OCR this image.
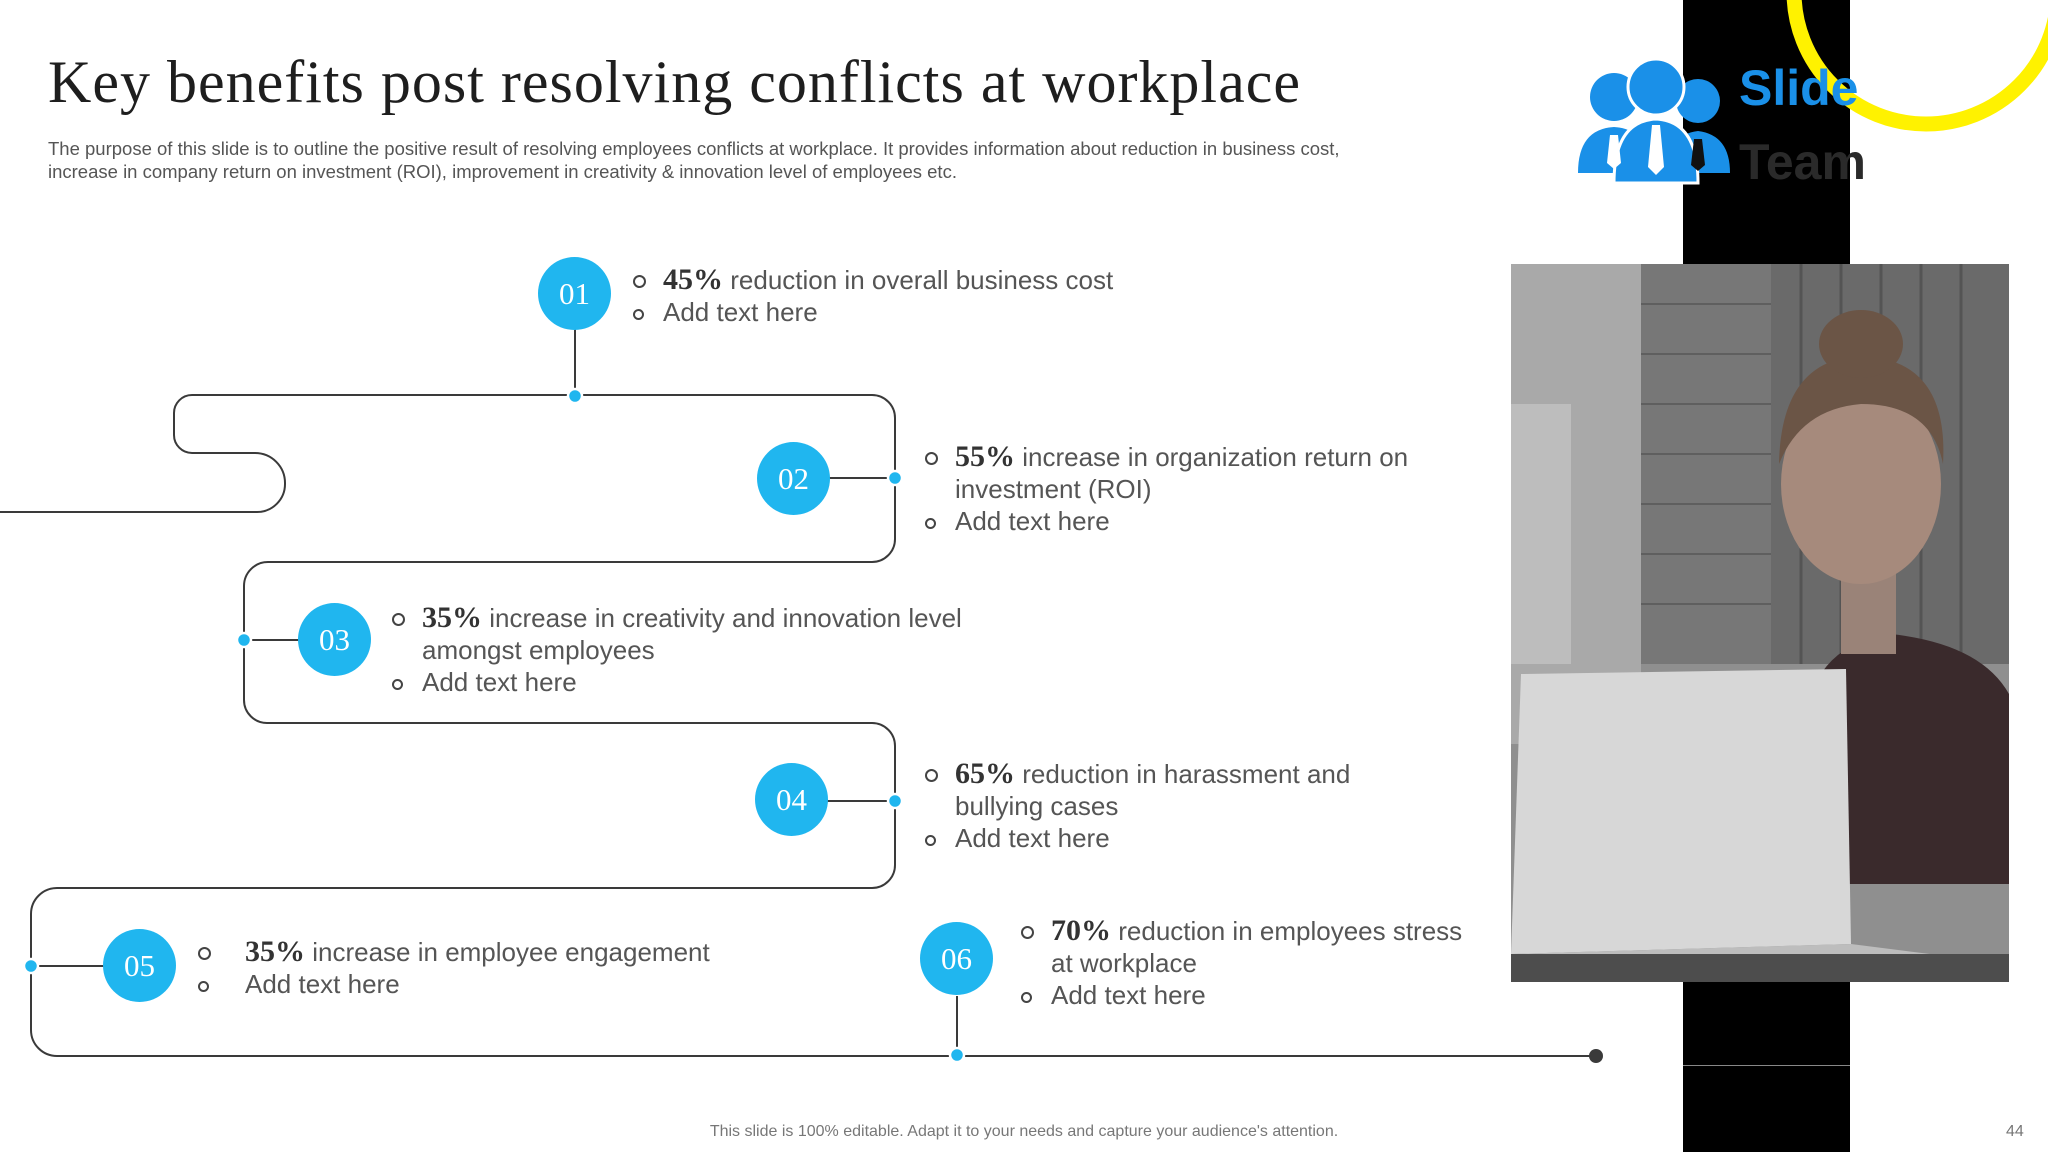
Key benefits post resolving conflicts at workplace
The purpose of this slide is to outline the positive result of resolving employees conflicts at workplace. It provides information about reduction in business cost, increase in company return on investment (ROI), improvement in creativity & innovation level of employees etc.
Slide
Team
01
02
03
04
05	06
45% reduction in overall business cost
Add text here
55% increase in organization return on
investment (ROI)
Add text here
35% increase in creativity and innovation level
amongst employees
Add text here
65% reduction in harassment and
bullying cases
Add text here
35% increase in employee engagement
Add text here
70% reduction in employees stress
at workplace
Add text here
This slide is 100% editable. Adapt it to your needs and capture your audience's attention.	44
